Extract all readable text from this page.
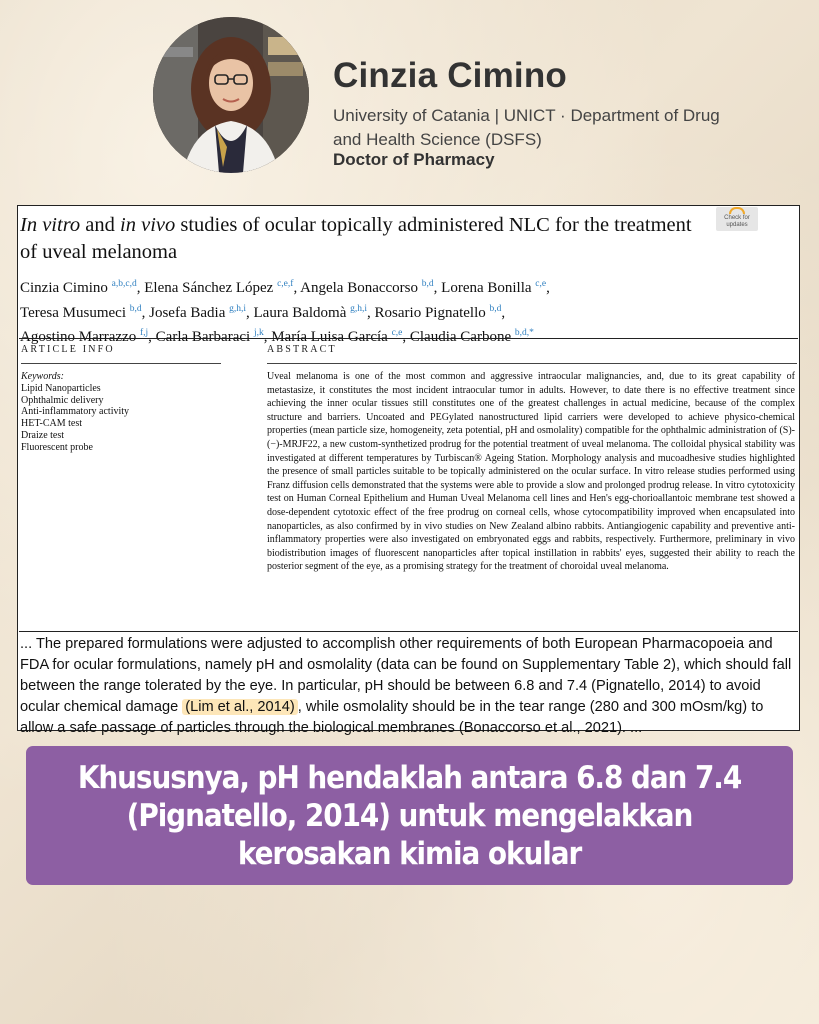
Cinzia Cimino
University of Catania | UNICT · Department of Drug and Health Science (DSFS)
Doctor of Pharmacy
In vitro and in vivo studies of ocular topically administered NLC for the treatment of uveal melanoma
Check for
updates
Cinzia Cimino $^{a,b,c,d}$, Elena Sánchez López $^{c,e,f}$, Angela Bonaccorso $^{b,d}$, Lorena Bonilla $^{c,e}$,
Teresa Musumeci $^{b,d}$, Josefa Badia $^{g,h,i}$, Laura Baldomà $^{g,h,i}$, Rosario Pignatello $^{b,d}$,
Agostino Marrazzo $^{f,j}$, Carla Barbaraci $^{j,k}$, María Luisa García $^{c,e}$, Claudia Carbone $^{b,d,*}$
ARTICLE INFO	ABSTRACT
Keywords:
Lipid Nanoparticles
Ophthalmic delivery
Anti-inflammatory activity
HET-CAM test
Draize test
Fluorescent probe
Uveal melanoma is one of the most common and aggressive intraocular malignancies, and, due to its great capability of metastasize, it constitutes the most incident intraocular tumor in adults. However, to date there is no effective treatment since achieving the inner ocular tissues still constitutes one of the greatest challenges in actual medicine, because of the complex structure and barriers. Uncoated and PEGylated nanostructured lipid carriers were developed to achieve physico-chemical properties (mean particle size, homogeneity, zeta potential, pH and osmolality) compatible for the ophthalmic administration of (S)-(−)-MRJF22, a new custom-synthetized prodrug for the potential treatment of uveal melanoma. The colloidal physical stability was investigated at different temperatures by Turbiscan® Ageing Station. Morphology analysis and mucoadhesive studies highlighted the presence of small particles suitable to be topically administered on the ocular surface. In vitro release studies performed using Franz diffusion cells demonstrated that the systems were able to provide a slow and prolonged prodrug release. In vitro cytotoxicity test on Human Corneal Epithelium and Human Uveal Melanoma cell lines and Hen's egg-chorioallantoic membrane test showed a dose-dependent cytotoxic effect of the free prodrug on corneal cells, whose cytocompatibility improved when encapsulated into nanoparticles, as also confirmed by in vivo studies on New Zealand albino rabbits. Antiangiogenic capability and preventive anti-inflammatory properties were also investigated on embryonated eggs and rabbits, respectively. Furthermore, preliminary in vivo biodistribution images of fluorescent nanoparticles after topical instillation in rabbits' eyes, suggested their ability to reach the posterior segment of the eye, as a promising strategy for the treatment of choroidal uveal melanoma.
... The prepared formulations were adjusted to accomplish other requirements of both European Pharmacopoeia and FDA for ocular formulations, namely pH and osmolality (data can be found on Supplementary Table 2), which should fall between the range tolerated by the eye. In particular, pH should be between 6.8 and 7.4 (Pignatello, 2014) to avoid ocular chemical damage (Lim et al., 2014) , while osmolality should be in the tear range (280 and 300 mOsm/kg) to allow a safe passage of particles through the biological membranes (Bonaccorso et al., 2021). ...
Khususnya, pH hendaklah antara 6.8 dan 7.4 (Pignatello, 2014) untuk mengelakkan kerosakan kimia okular
